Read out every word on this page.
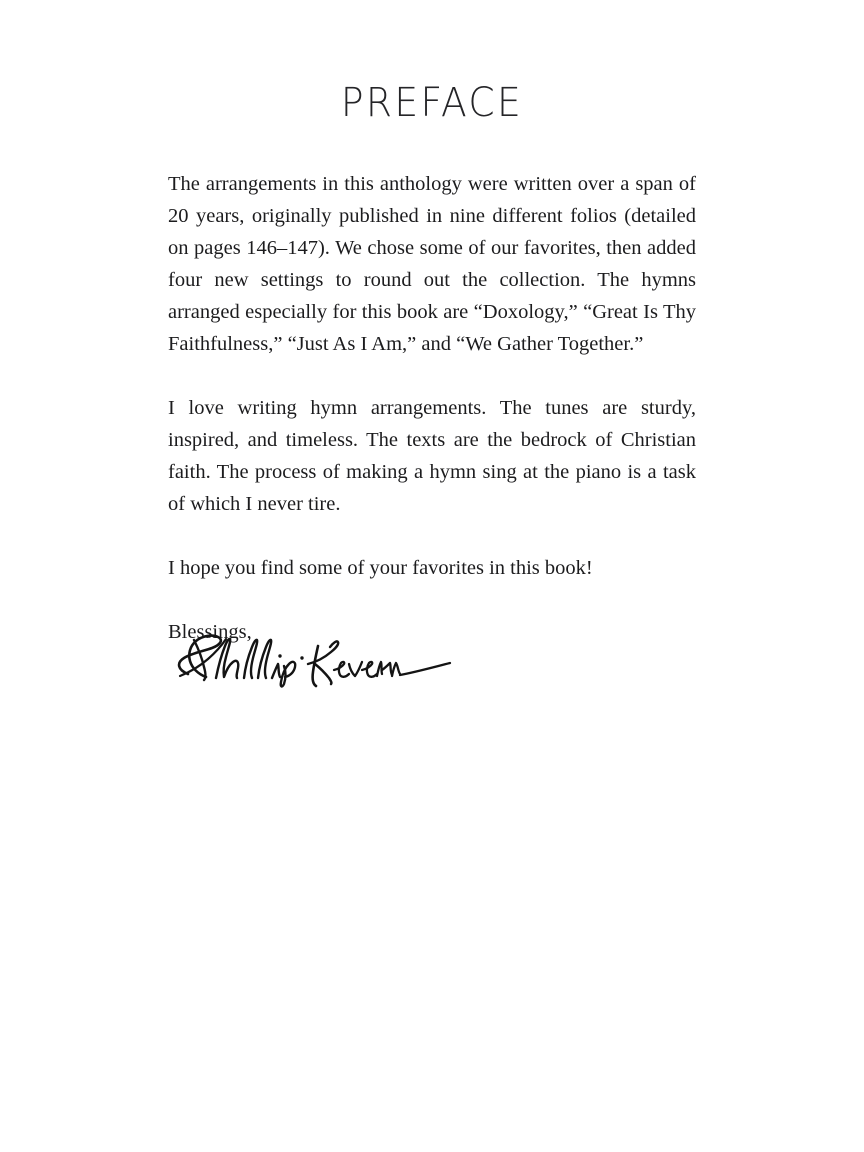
PREFACE

The arrangements in this anthology were written over a span of 20 years, originally published in nine different folios (detailed on pages 146–147). We chose some of our favorites, then added four new settings to round out the collection. The hymns arranged especially for this book are “Doxology,” “Great Is Thy Faithfulness,” “Just As I Am,” and “We Gather Together.”

I love writing hymn arrangements. The tunes are sturdy, inspired, and timeless. The texts are the bedrock of Christian faith. The process of making a hymn sing at the piano is a task of which I never tire.

I hope you find some of your favorites in this book!

Blessings,
